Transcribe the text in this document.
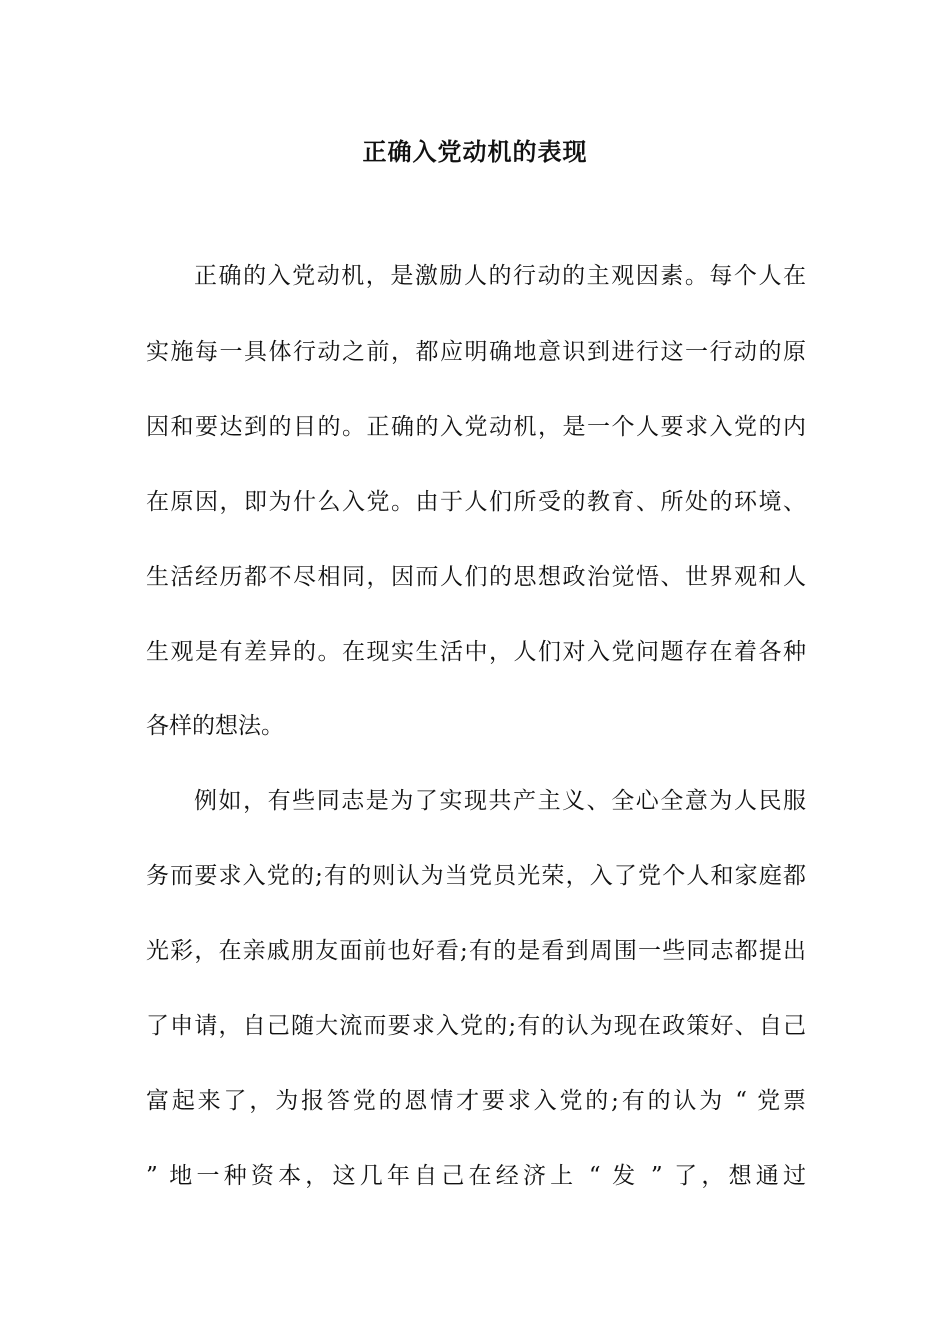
正确入党动机的表现
正确的入党动机，是激励人的行动的主观因素。每个人在
实施每一具体行动之前，都应明确地意识到进行这一行动的原
因和要达到的目的。正确的入党动机，是一个人要求入党的内
在原因，即为什么入党。由于人们所受的教育、所处的环境、
生活经历都不尽相同，因而人们的思想政治觉悟、世界观和人
生观是有差异的。在现实生活中，人们对入党问题存在着各种
各样的想法。
例如，有些同志是为了实现共产主义、全心全意为人民服
务而要求入党的;有的则认为当党员光荣，入了党个人和家庭都
光彩，在亲戚朋友面前也好看;有的是看到周围一些同志都提出
了申请，自己随大流而要求入党的;有的认为现在政策好、自己
富起来了，为报答党的恩情才要求入党的;有的认为 “ 党票
” 地一种资本，这几年自己在经济上 “ 发 ” 了，想通过
